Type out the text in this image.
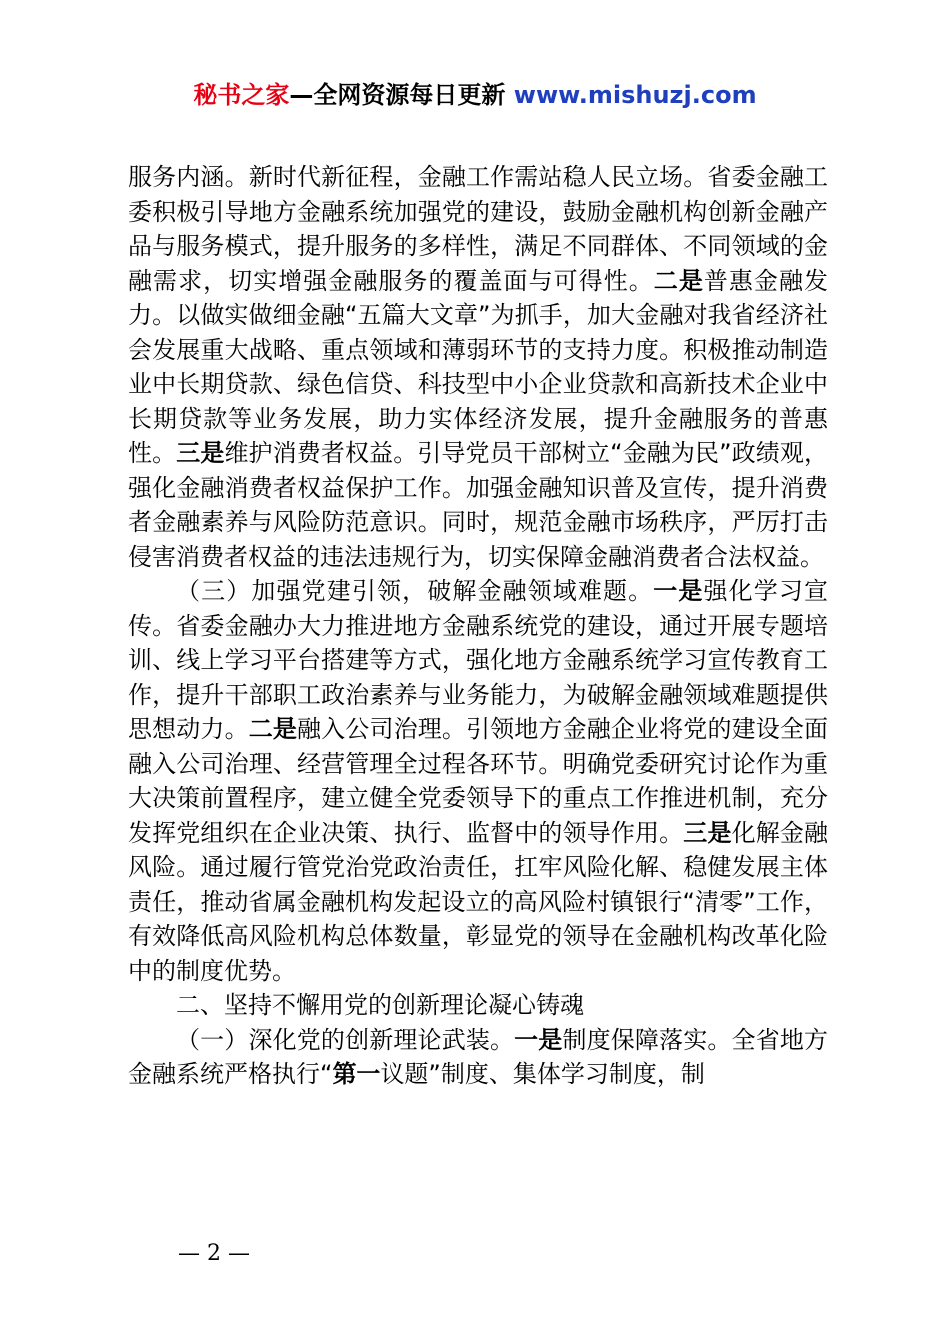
秘书之家—全网资源每日更新 www.mishuzj.com

服务内涵。新时代新征程，金融工作需站稳人民立场。省委金融工委积极引导地方金融系统加强党的建设，鼓励金融机构创新金融产品与服务模式，提升服务的多样性，满足不同群体、不同领域的金融需求，切实增强金融服务的覆盖面与可得性。二是普惠金融发力。以做实做细金融“五篇大文章”为抓手，加大金融对我省经济社会发展重大战略、重点领域和薄弱环节的支持力度。积极推动制造业中长期贷款、绿色信贷、科技型中小企业贷款和高新技术企业中长期贷款等业务发展，助力实体经济发展，提升金融服务的普惠性。三是维护消费者权益。引导党员干部树立“金融为民”政绩观，强化金融消费者权益保护工作。加强金融知识普及宣传，提升消费者金融素养与风险防范意识。同时，规范金融市场秩序，严厉打击侵害消费者权益的违法违规行为，切实保障金融消费者合法权益。

（三）加强党建引领，破解金融领域难题。一是强化学习宣传。省委金融办大力推进地方金融系统党的建设，通过开展专题培训、线上学习平台搭建等方式，强化地方金融系统学习宣传教育工作，提升干部职工政治素养与业务能力，为破解金融领域难题提供思想动力。二是融入公司治理。引领地方金融企业将党的建设全面融入公司治理、经营管理全过程各环节。明确党委研究讨论作为重大决策前置程序，建立健全党委领导下的重点工作推进机制，充分发挥党组织在企业决策、执行、监督中的领导作用。三是化解金融风险。通过履行管党治党政治责任，扛牢风险化解、稳健发展主体责任，推动省属金融机构发起设立的高风险村镇银行“清零”工作，有效降低高风险机构总体数量，彰显党的领导在金融机构改革化险中的制度优势。

二、坚持不懈用党的创新理论凝心铸魂

（一）深化党的创新理论武装。一是制度保障落实。全省地方金融系统严格执行“第一议题”制度、集体学习制度，制

— 2 —
